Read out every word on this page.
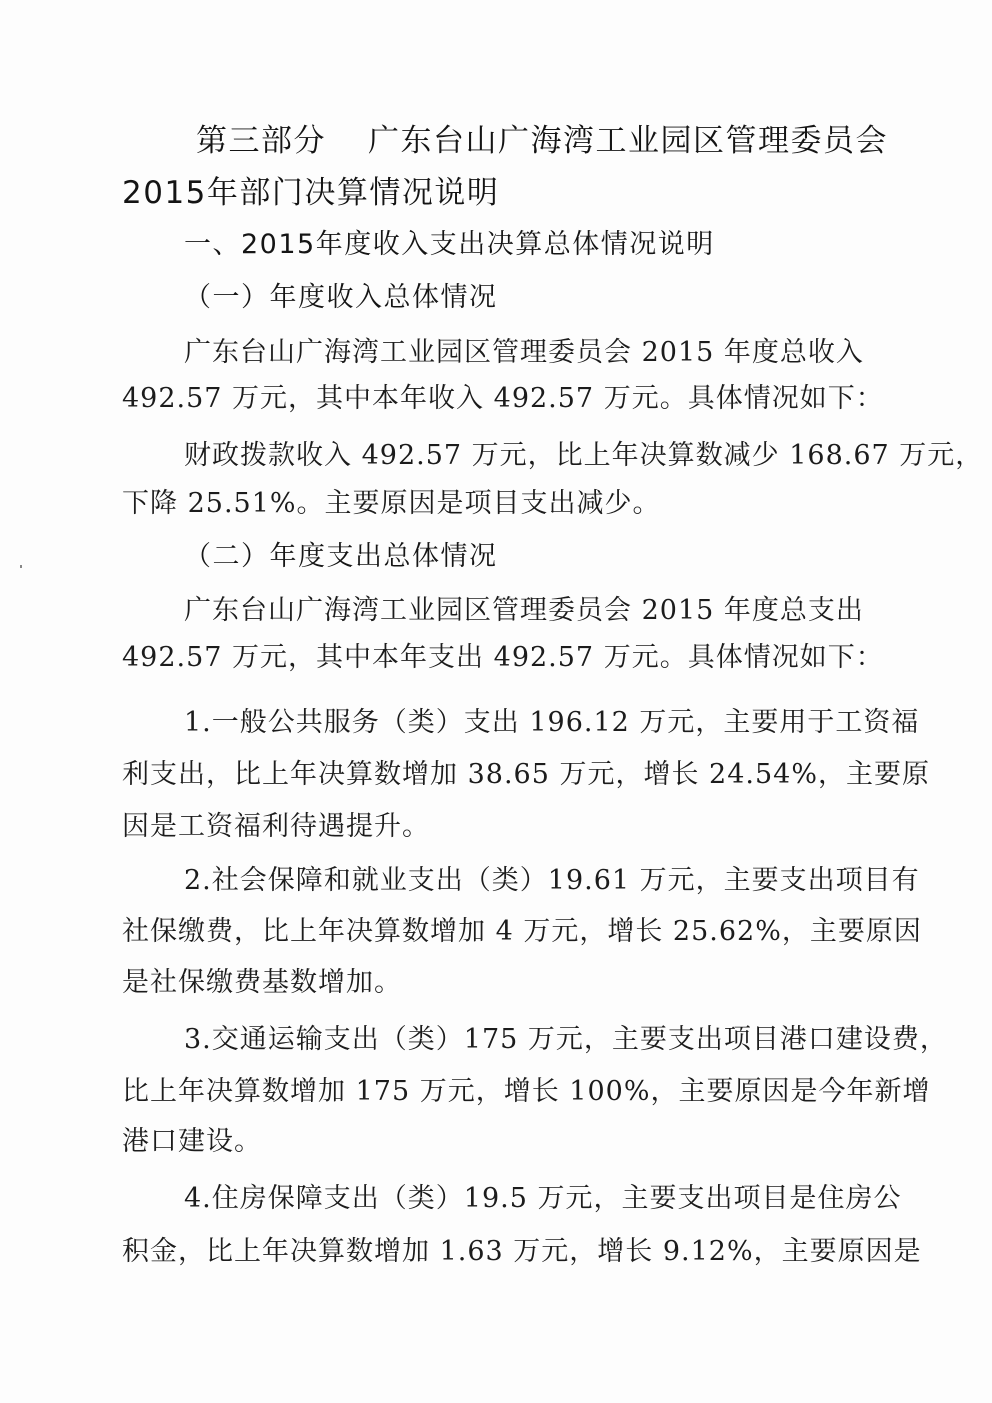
第三部分 广东台山广海湾工业园区管理委员会
2015年部门决算情况说明
一、2015年度收入支出决算总体情况说明
（一）年度收入总体情况
广东台山广海湾工业园区管理委员会 2015 年度总收入
492.57 万元，其中本年收入 492.57 万元。具体情况如下：
财政拨款收入 492.57 万元，比上年决算数减少 168.67 万元，
下降 25.51%。主要原因是项目支出减少。
（二）年度支出总体情况
广东台山广海湾工业园区管理委员会 2015 年度总支出
492.57 万元，其中本年支出 492.57 万元。具体情况如下：
1.一般公共服务（类）支出 196.12 万元，主要用于工资福
利支出，比上年决算数增加 38.65 万元，增长 24.54%，主要原
因是工资福利待遇提升。
2.社会保障和就业支出（类）19.61 万元，主要支出项目有
社保缴费，比上年决算数增加 4 万元，增长 25.62%，主要原因
是社保缴费基数增加。
3.交通运输支出（类）175 万元，主要支出项目港口建设费，
比上年决算数增加 175 万元，增长 100%，主要原因是今年新增
港口建设。
4.住房保障支出（类）19.5 万元，主要支出项目是住房公
积金，比上年决算数增加 1.63 万元，增长 9.12%，主要原因是
